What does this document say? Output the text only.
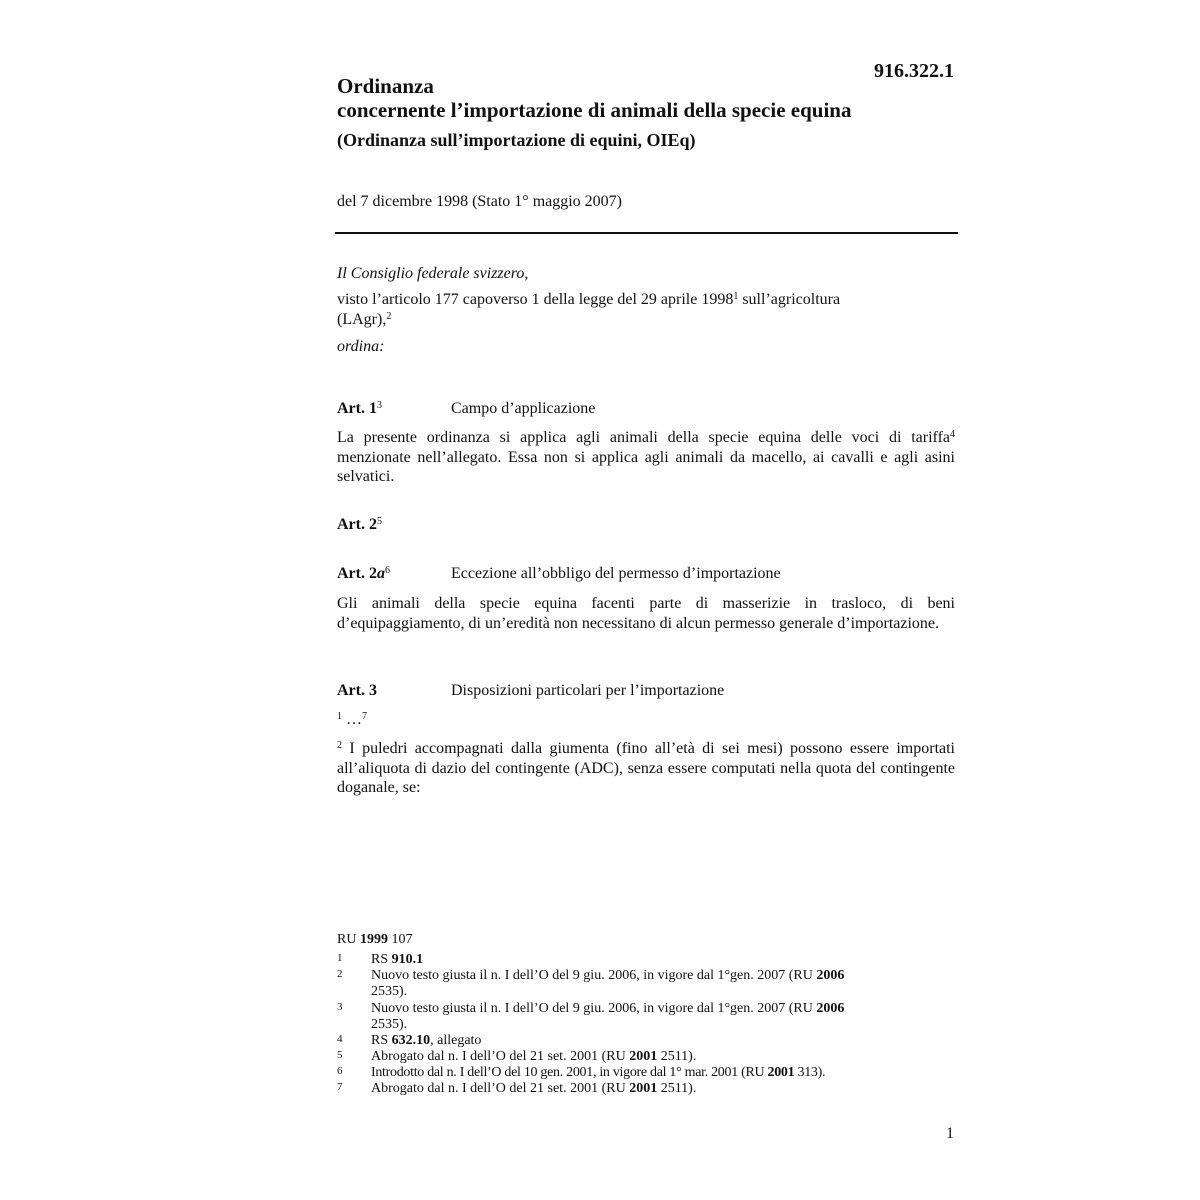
916.322.1
Ordinanza
concernente l’importazione di animali della specie equina
(Ordinanza sull’importazione di equini, OIEq)
del 7 dicembre 1998 (Stato 1° maggio 2007)
Il Consiglio federale svizzero,
visto l’articolo 177 capoverso 1 della legge del 29 aprile 1998$^1$ sull’agricoltura
(LAgr),$^2$
ordina:
Art. $1^3$	Campo d’applicazione
La presente ordinanza si applica agli animali della specie equina delle voci di tariffa$^4$ menzionate nell’allegato. Essa non si applica agli animali da macello, ai cavalli e agli asini selvatici.
Art. $2^5$
Art. $2a^6$	Eccezione all’obbligo del permesso d’importazione
Gli animali della specie equina facenti parte di masserizie in trasloco, di beni d’equipaggiamento, di un’eredità non necessitano di alcun permesso generale d’importazione.
Art. 3	Disposizioni particolari per l’importazione
$^1$ …$^7$
$^2$ I puledri accompagnati dalla giumenta (fino all’età di sei mesi) possono essere importati all’aliquota di dazio del contingente (ADC), senza essere computati nella quota del contingente doganale, se:
RU 1999 107
1 RS 910.1
2 Nuovo testo giusta il n. I dell’O del 9 giu. 2006, in vigore dal 1°gen. 2007 (RU 2006 2535).
3 Nuovo testo giusta il n. I dell’O del 9 giu. 2006, in vigore dal 1°gen. 2007 (RU 2006 2535).
4 RS 632.10, allegato
5 Abrogato dal n. I dell’O del 21 set. 2001 (RU 2001 2511).
6 Introdotto dal n. I dell’O del 10 gen. 2001, in vigore dal 1° mar. 2001 (RU 2001 313).
7 Abrogato dal n. I dell’O del 21 set. 2001 (RU 2001 2511).
1
